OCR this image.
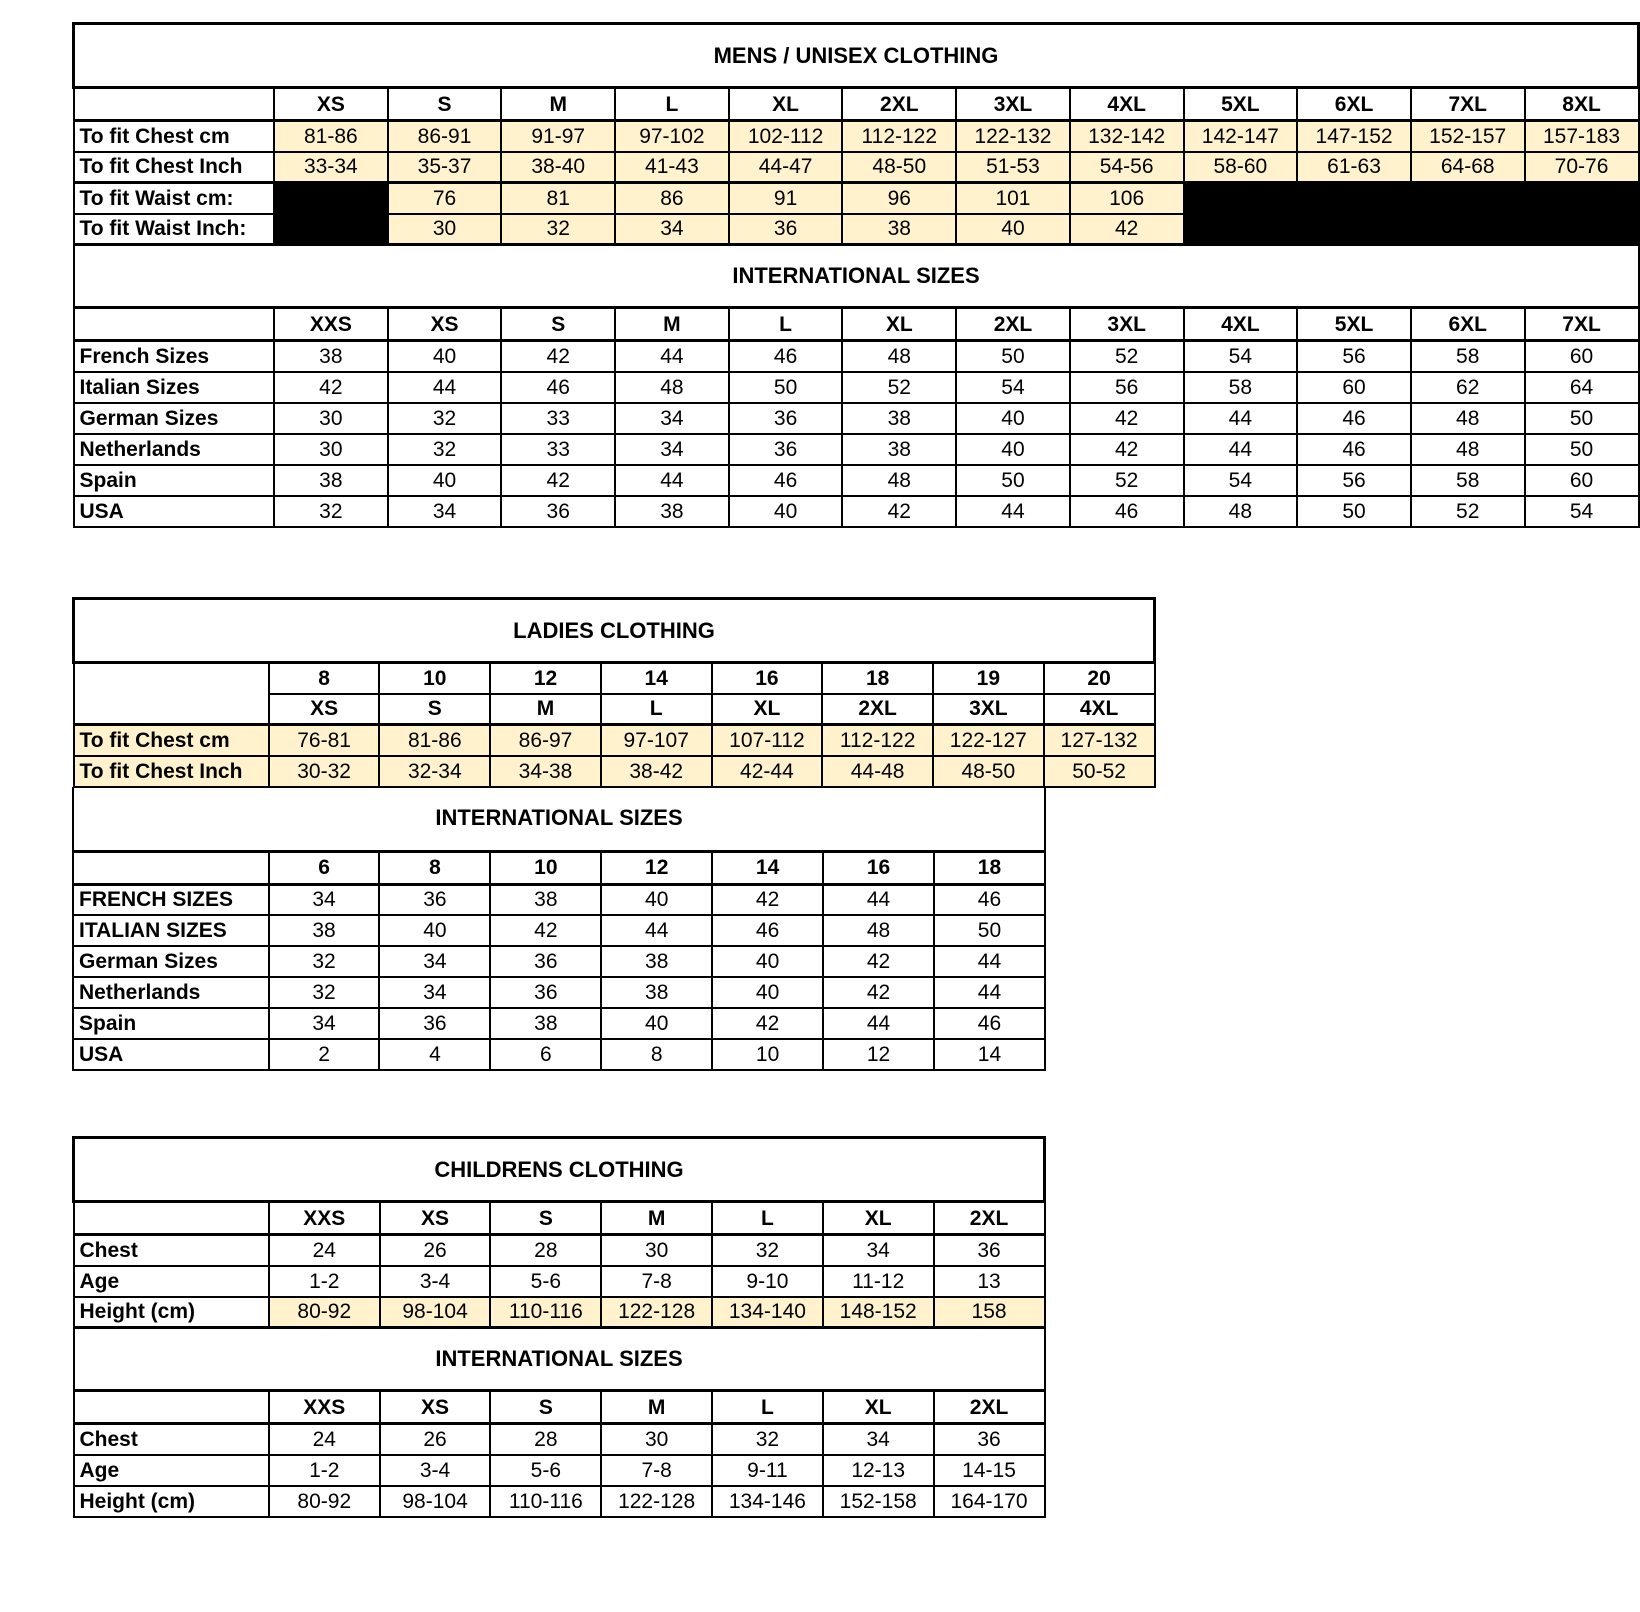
MENS / UNISEX CLOTHING												
	XS	S	M	L	XL	2XL	3XL	4XL	5XL	6XL	7XL	8XL
To fit Chest cm	81-86	86-91	91-97	97-102	102-112	112-122	122-132	132-142	142-147	147-152	152-157	157-183
To fit Chest Inch	33-34	35-37	38-40	41-43	44-47	48-50	51-53	54-56	58-60	61-63	64-68	70-76
To fit Waist cm:		76	81	86	91	96	101	106				
To fit Waist Inch:		30	32	34	36	38	40	42				
INTERNATIONAL SIZES												
	XXS	XS	S	M	L	XL	2XL	3XL	4XL	5XL	6XL	7XL
French Sizes	38	40	42	44	46	48	50	52	54	56	58	60
Italian Sizes	42	44	46	48	50	52	54	56	58	60	62	64
German Sizes	30	32	33	34	36	38	40	42	44	46	48	50
Netherlands	30	32	33	34	36	38	40	42	44	46	48	50
Spain	38	40	42	44	46	48	50	52	54	56	58	60
USA	32	34	36	38	40	42	44	46	48	50	52	54
LADIES CLOTHING								
	8	10	12	14	16	18	19	20
	XS	S	M	L	XL	2XL	3XL	4XL
To fit Chest cm	76-81	81-86	86-97	97-107	107-112	112-122	122-127	127-132
To fit Chest Inch	30-32	32-34	34-38	38-42	42-44	44-48	48-50	50-52
INTERNATIONAL SIZES							
	6	8	10	12	14	16	18
FRENCH SIZES	34	36	38	40	42	44	46
ITALIAN SIZES	38	40	42	44	46	48	50
German Sizes	32	34	36	38	40	42	44
Netherlands	32	34	36	38	40	42	44
Spain	34	36	38	40	42	44	46
USA	2	4	6	8	10	12	14
CHILDRENS CLOTHING							
	XXS	XS	S	M	L	XL	2XL
Chest	24	26	28	30	32	34	36
Age	1-2	3-4	5-6	7-8	9-10	11-12	13
Height (cm)	80-92	98-104	110-116	122-128	134-140	148-152	158
INTERNATIONAL SIZES							
	XXS	XS	S	M	L	XL	2XL
Chest	24	26	28	30	32	34	36
Age	1-2	3-4	5-6	7-8	9-11	12-13	14-15
Height (cm)	80-92	98-104	110-116	122-128	134-146	152-158	164-170
